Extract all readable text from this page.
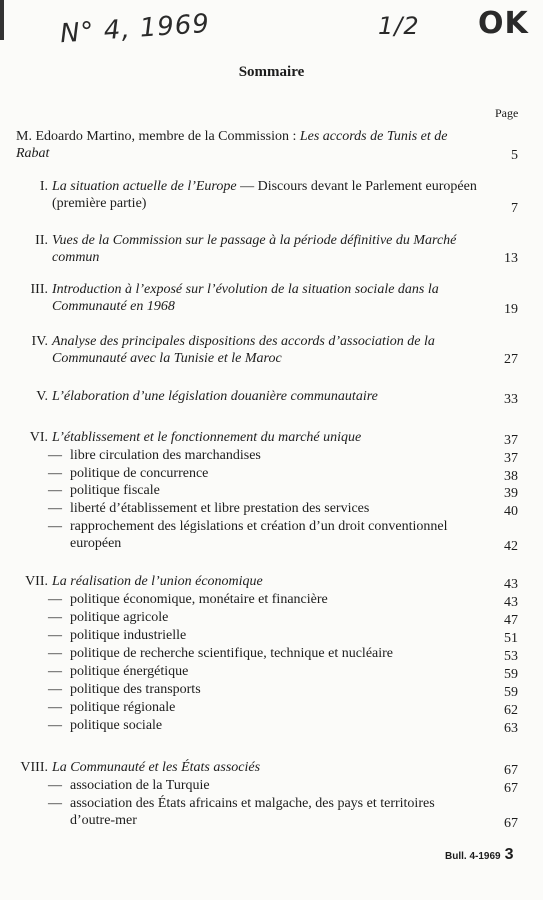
N° 4, 1969	1/2 OK
Sommaire
Page
M. Edoardo Martino, membre de la Commission : Les accords de Tunis et de Rabat	5
I. La situation actuelle de l’Europe — Discours devant le Parlement européen (première partie)	7
II. Vues de la Commission sur le passage à la période définitive du Marché commun	13
III. Introduction à l’exposé sur l’évolution de la situation sociale dans la Communauté en 1968	19
IV. Analyse des principales dispositions des accords d’association de la Communauté avec la Tunisie et le Maroc	27
V. L’élaboration d’une législation douanière communautaire	33
VI. L’établissement et le fonctionnement du marché unique	37
— libre circulation des marchandises	37
— politique de concurrence	38
— politique fiscale	39
— liberté d’établissement et libre prestation des services	40
— rapprochement des législations et création d’un droit conventionnel européen	42
VII. La réalisation de l’union économique	43
— politique économique, monétaire et financière	43
— politique agricole	47
— politique industrielle	51
— politique de recherche scientifique, technique et nucléaire	53
— politique énergétique	59
— politique des transports	59
— politique régionale	62
— politique sociale	63
VIII. La Communauté et les États associés	67
— association de la Turquie	67
— association des États africains et malgache, des pays et territoires d’outre-mer	67
Bull. 4-1969 3
